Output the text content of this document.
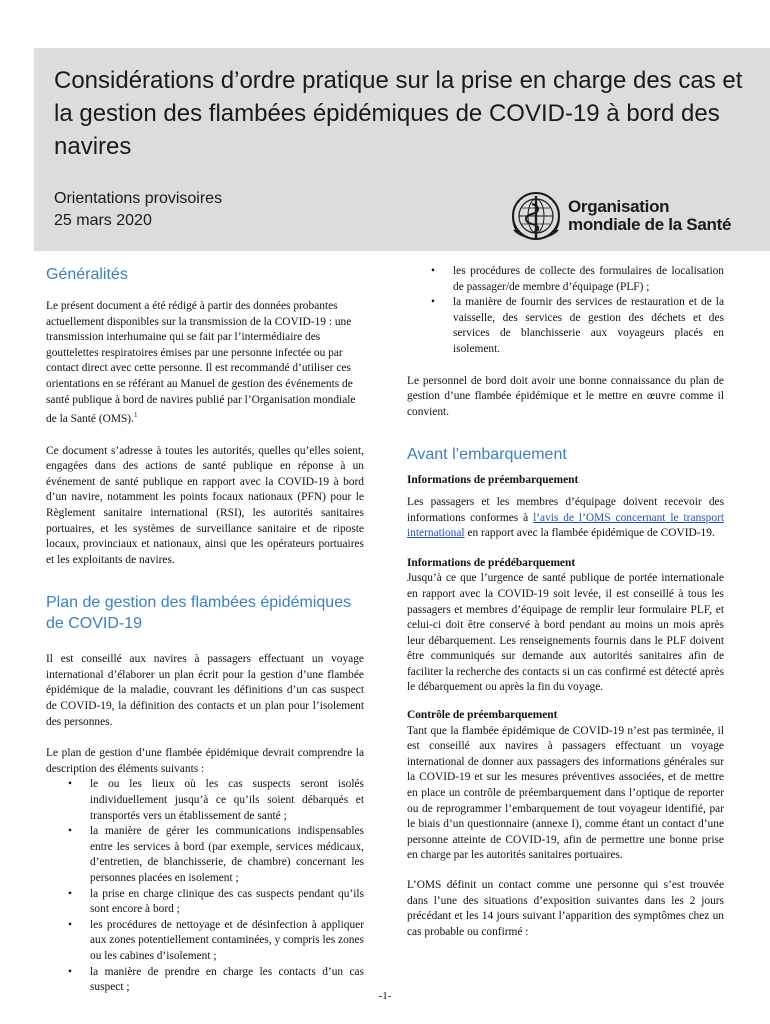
Considérations d’ordre pratique sur la prise en charge des cas et la gestion des flambées épidémiques de COVID-19 à bord des navires
Orientations provisoires
25 mars 2020
Organisation
mondiale de la Santé
Généralités

Le présent document a été rédigé à partir des données probantes actuellement disponibles sur la transmission de la COVID-19 : une transmission interhumaine qui se fait par l’intermédiaire des gouttelettes respiratoires émises par une personne infectée ou par contact direct avec cette personne. Il est recommandé d’utiliser ces orientations en se référant au Manuel de gestion des événements de santé publique à bord de navires publié par l’Organisation mondiale de la Santé (OMS).$^1$

Ce document s’adresse à toutes les autorités, quelles qu’elles soient, engagées dans des actions de santé publique en réponse à un événement de santé publique en rapport avec la COVID-19 à bord d’un navire, notamment les points focaux nationaux (PFN) pour le Règlement sanitaire international (RSI), les autorités sanitaires portuaires, et les systèmes de surveillance sanitaire et de riposte locaux, provinciaux et nationaux, ainsi que les opérateurs portuaires et les exploitants de navires.

Plan de gestion des flambées épidémiques de COVID-19

Il est conseillé aux navires à passagers effectuant un voyage international d’élaborer un plan écrit pour la gestion d’une flambée épidémique de la maladie, couvrant les définitions d’un cas suspect de COVID-19, la définition des contacts et un plan pour l’isolement des personnes.

Le plan de gestion d’une flambée épidémique devrait comprendre la description des éléments suivants :

• le ou les lieux où les cas suspects seront isolés individuellement jusqu’à ce qu’ils soient débarqués et transportés vers un établissement de santé ;
• la manière de gérer les communications indispensables entre les services à bord (par exemple, services médicaux, d’entretien, de blanchisserie, de chambre) concernant les personnes placées en isolement ;
• la prise en charge clinique des cas suspects pendant qu’ils sont encore à bord ;
• les procédures de nettoyage et de désinfection à appliquer aux zones potentiellement contaminées, y compris les zones ou les cabines d’isolement ;
• la manière de prendre en charge les contacts d’un cas suspect ;
• les procédures de collecte des formulaires de localisation de passager/de membre d’équipage (PLF) ;
• la manière de fournir des services de restauration et de la vaisselle, des services de gestion des déchets et des services de blanchisserie aux voyageurs placés en isolement.

Le personnel de bord doit avoir une bonne connaissance du plan de gestion d’une flambée épidémique et le mettre en œuvre comme il convient.

Avant l’embarquement

Informations de préembarquement

Les passagers et les membres d’équipage doivent recevoir des informations conformes à l’avis de l’OMS concernant le transport international en rapport avec la flambée épidémique de COVID-19.

Informations de prédébarquement

Jusqu’à ce que l’urgence de santé publique de portée internationale en rapport avec la COVID-19 soit levée, il est conseillé à tous les passagers et membres d’équipage de remplir leur formulaire PLF, et celui-ci doit être conservé à bord pendant au moins un mois après leur débarquement. Les renseignements fournis dans le PLF doivent être communiqués sur demande aux autorités sanitaires afin de faciliter la recherche des contacts si un cas confirmé est détecté après le débarquement ou après la fin du voyage.

Contrôle de préembarquement

Tant que la flambée épidémique de COVID-19 n’est pas terminée, il est conseillé aux navires à passagers effectuant un voyage international de donner aux passagers des informations générales sur la COVID-19 et sur les mesures préventives associées, et de mettre en place un contrôle de préembarquement dans l’optique de reporter ou de reprogrammer l’embarquement de tout voyageur identifié, par le biais d’un questionnaire (annexe I), comme étant un contact d’une personne atteinte de COVID-19, afin de permettre une bonne prise en charge par les autorités sanitaires portuaires.

L’OMS définit un contact comme une personne qui s’est trouvée dans l’une des situations d’exposition suivantes dans les 2 jours précédant et les 14 jours suivant l’apparition des symptômes chez un cas probable ou confirmé :

-1-
